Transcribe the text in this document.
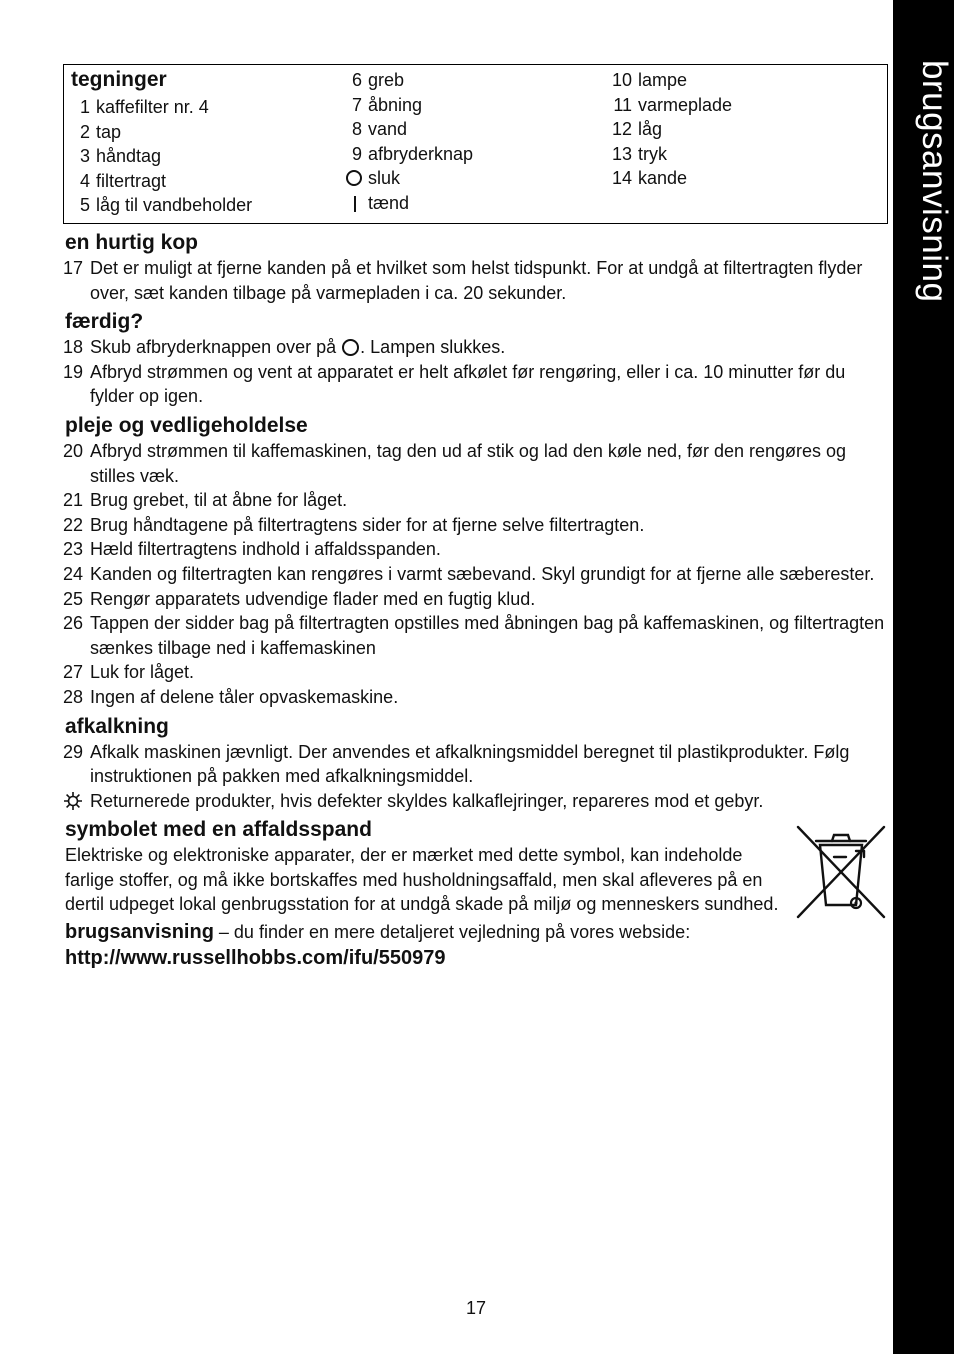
brugsanvisning
tegninger
1 kaffefilter nr. 4
2 tap
3 håndtag
4 filtertragt
5 låg til vandbeholder
6 greb
7 åbning
8 vand
9 afbryderknap
sluk
tænd
10 lampe
11 varmeplade
12 låg
13 tryk
14 kande
en hurtig kop
17 Det er muligt at fjerne kanden på et hvilket som helst tidspunkt. For at undgå at filtertragten flyder over, sæt kanden tilbage på varmepladen i ca. 20 sekunder.
færdig?
18 Skub afbryderknappen over på . Lampen slukkes.
19 Afbryd strømmen og vent at apparatet er helt afkølet før rengøring, eller i ca. 10 minutter før du fylder op igen.
pleje og vedligeholdelse
20 Afbryd strømmen til kaffemaskinen, tag den ud af stik og lad den køle ned, før den rengøres og stilles væk.
21 Brug grebet, til at åbne for låget.
22 Brug håndtagene på filtertragtens sider for at fjerne selve filtertragten.
23 Hæld filtertragtens indhold i affaldsspanden.
24 Kanden og filtertragten kan rengøres i varmt sæbevand. Skyl grundigt for at fjerne alle sæberester.
25 Rengør apparatets udvendige flader med en fugtig klud.
26 Tappen der sidder bag på filtertragten opstilles med åbningen bag på kaffemaskinen, og filtertragten sænkes tilbage ned i kaffemaskinen
27 Luk for låget.
28 Ingen af delene tåler opvaskemaskine.
afkalkning
29 Afkalk maskinen jævnligt. Der anvendes et afkalkningsmiddel beregnet til plastikprodukter. Følg instruktionen på pakken med afkalkningsmiddel.
Returnerede produkter, hvis defekter skyldes kalkaflejringer, repareres mod et gebyr.
symbolet med en affaldsspand
Elektriske og elektroniske apparater, der er mærket med dette symbol, kan indeholde farlige stoffer, og må ikke bortskaffes med husholdningsaffald, men skal afleveres på en dertil udpeget lokal genbrugsstation for at undgå skade på miljø og menneskers sundhed.
brugsanvisning – du finder en mere detaljeret vejledning på vores webside:
http://www.russellhobbs.com/ifu/550979
17
